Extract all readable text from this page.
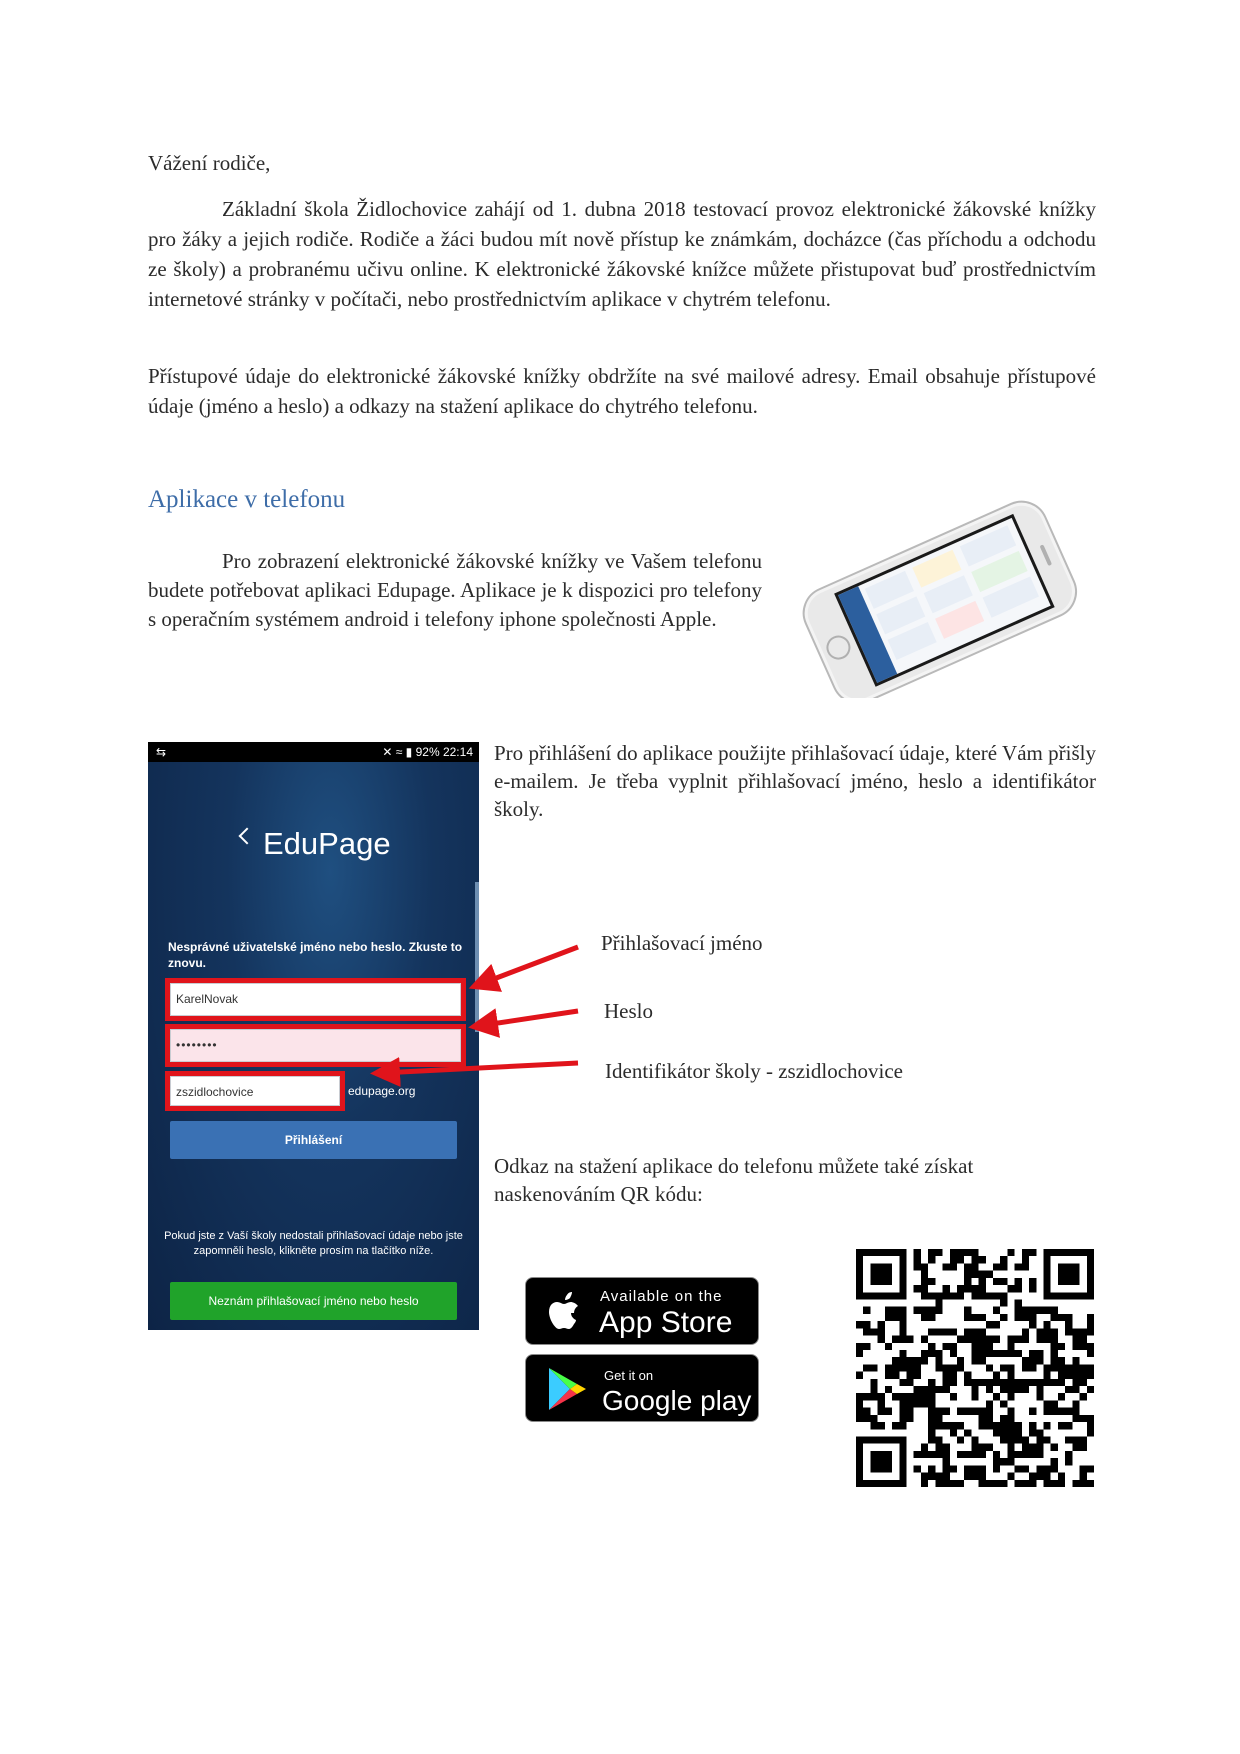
Vážení rodiče,

Základní škola Židlochovice zahájí od 1. dubna 2018 testovací provoz elektronické žákovské knížky pro žáky a jejich rodiče. Rodiče a žáci budou mít nově přístup ke známkám, docházce (čas příchodu a odchodu ze školy) a probranému učivu online. K elektronické žákovské knížce můžete přistupovat buď prostřednictvím internetové stránky v počítači, nebo prostřednictvím aplikace v chytrém telefonu.

Přístupové údaje do elektronické žákovské knížky obdržíte na své mailové adresy. Email obsahuje přístupové údaje (jméno a heslo) a odkazy na stažení aplikace do chytrého telefonu.

Aplikace v telefonu

Pro zobrazení elektronické žákovské knížky ve Vašem telefonu budete potřebovat aplikaci Edupage. Aplikace je k dispozici pro telefony s operačním systémem android i telefony iphone společnosti Apple.

⇆	✕ ≈ ▮ 92% 22:14
EduPage
Nesprávné uživatelské jméno nebo heslo. Zkuste to znovu.
KarelNovak
••••••••
zszidlochovice	edupage.org
Přihlášení
Pokud jste z Vaší školy nedostali přihlašovací údaje nebo jste zapomněli heslo, klikněte prosím na tlačítko níže.
Neznám přihlašovací jméno nebo heslo

Pro přihlášení do aplikace použijte přihlašovací údaje, které Vám přišly e-mailem. Je třeba vyplnit přihlašovací jméno, heslo a identifikátor školy.

Přihlašovací jméno

Heslo

Identifikátor školy - zszidlochovice

Odkaz na stažení aplikace do telefonu můžete také získat naskenováním QR kódu:

Available on the
App Store
Get it on
Google play
